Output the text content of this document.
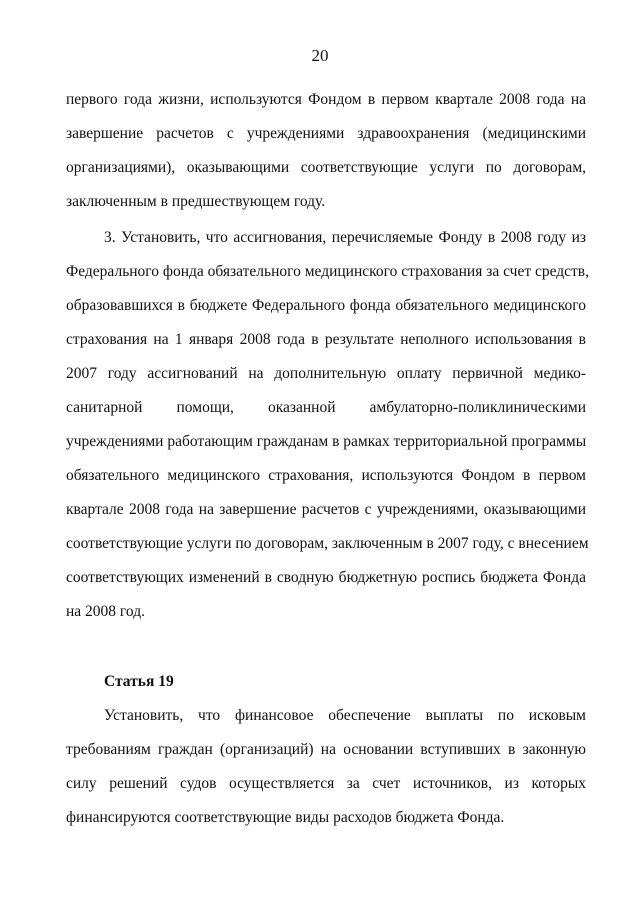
20
первого года жизни, используются Фондом в первом квартале 2008 года на
завершение расчетов с учреждениями здравоохранения (медицинскими
организациями), оказывающими соответствующие услуги по договорам,
заключенным в предшествующем году.
3. Установить, что ассигнования, перечисляемые Фонду в 2008 году из
Федерального фонда обязательного медицинского страхования за счет средств,
образовавшихся в бюджете Федерального фонда обязательного медицинского
страхования на 1 января 2008 года в результате неполного использования в
2007 году ассигнований на дополнительную оплату первичной медико-
санитарной помощи, оказанной амбулаторно-поликлиническими
учреждениями работающим гражданам в рамках территориальной программы
обязательного медицинского страхования, используются Фондом в первом
квартале 2008 года на завершение расчетов с учреждениями, оказывающими
соответствующие услуги по договорам, заключенным в 2007 году, с внесением
соответствующих изменений в сводную бюджетную роспись бюджета Фонда
на 2008 год.
Статья 19
Установить, что финансовое обеспечение выплаты по исковым
требованиям граждан (организаций) на основании вступивших в законную
силу решений судов осуществляется за счет источников, из которых
финансируются соответствующие виды расходов бюджета Фонда.
